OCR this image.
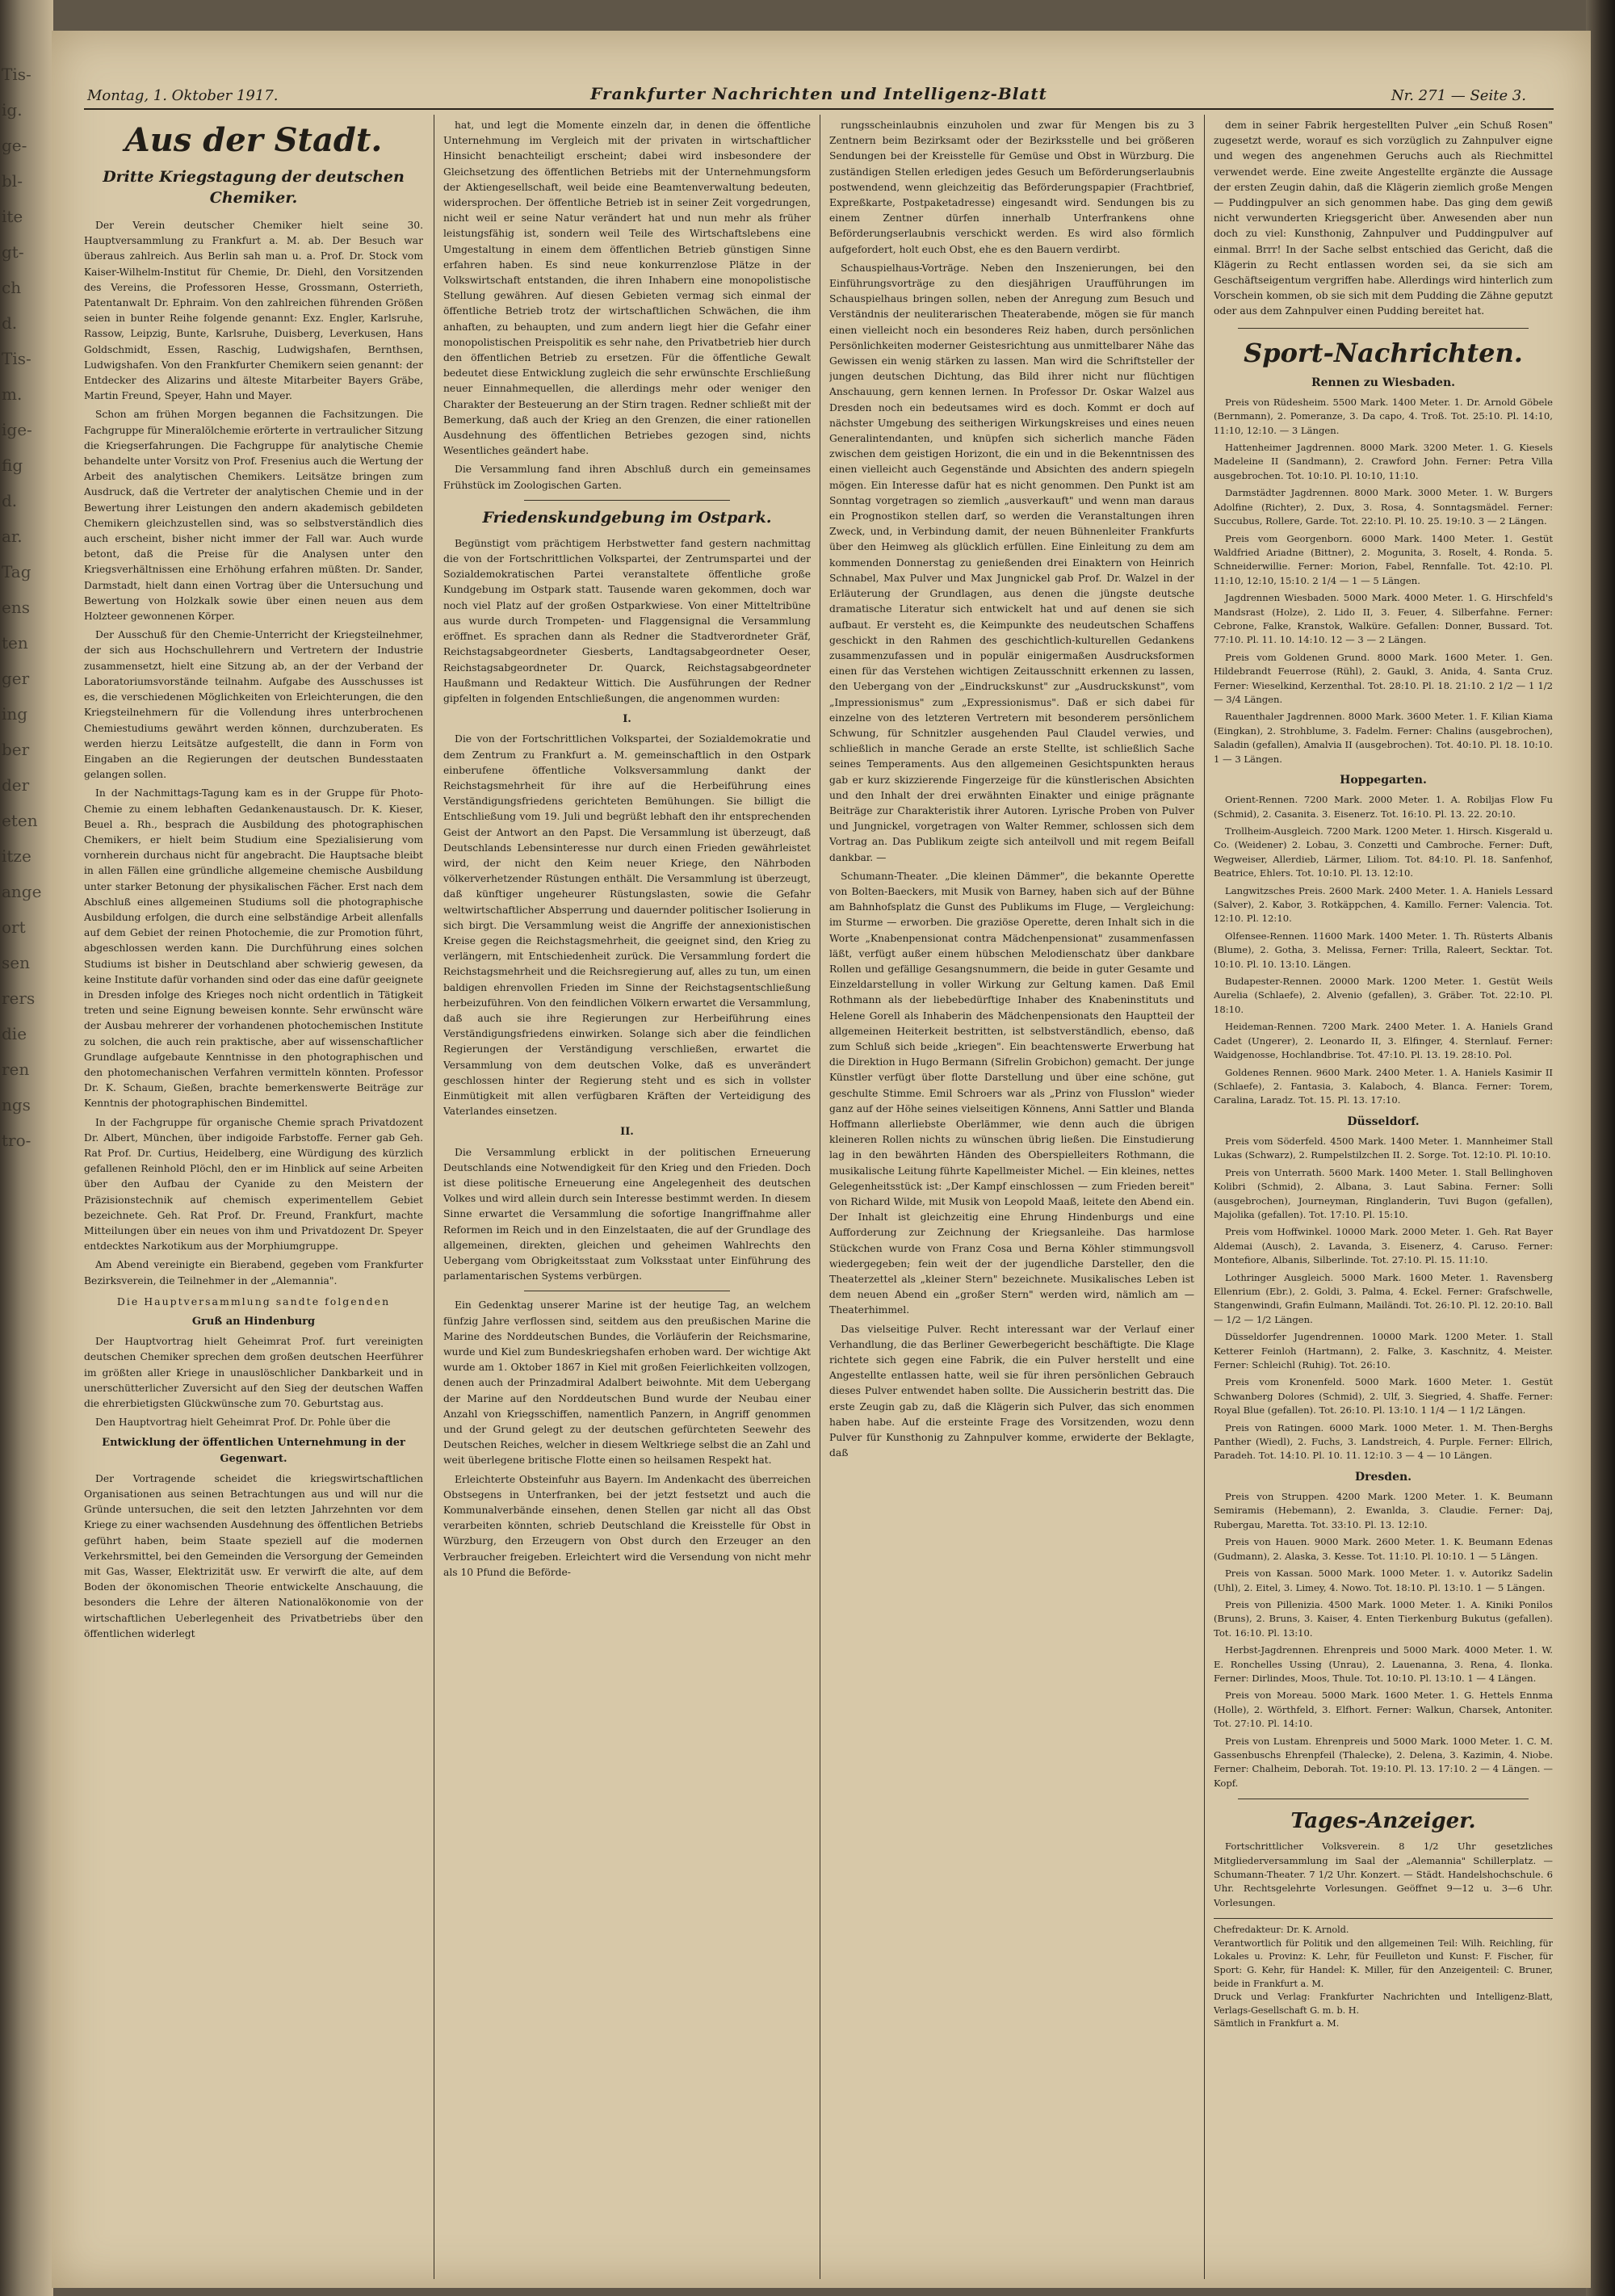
Tis-
ig.
ge-
bl-
ite
gt-
ch
d.
Tis-
m.
ige-
fig
d.
ar.
Tag
ens
ten
ger
ing
ber
der
eten
itze
ange
ort
sen
rers
die
ren
ngs
tro-
Montag, 1. Oktober 1917.	Frankfurter Nachrichten und Intelligenz-Blatt	Nr. 271 — Seite 3.
Aus der Stadt.
Dritte Kriegstagung der deutschen Chemiker.

Der Verein deutscher Chemiker hielt seine 30. Hauptversammlung zu Frankfurt a. M. ab. Der Besuch war überaus zahlreich. Aus Berlin sah man u. a. Prof. Dr. Stock vom Kaiser-Wilhelm-Institut für Chemie, Dr. Diehl, den Vorsitzenden des Vereins, die Professoren Hesse, Grossmann, Osterrieth, Patentanwalt Dr. Ephraim. Von den zahlreichen führenden Größen seien in bunter Reihe folgende genannt: Exz. Engler, Karlsruhe, Rassow, Leipzig, Bunte, Karlsruhe, Duisberg, Leverkusen, Hans Goldschmidt, Essen, Raschig, Ludwigshafen, Bernthsen, Ludwigshafen. Von den Frankfurter Chemikern seien genannt: der Entdecker des Alizarins und älteste Mitarbeiter Bayers Gräbe, Martin Freund, Speyer, Hahn und Mayer.

Schon am frühen Morgen begannen die Fachsitzungen. Die Fachgruppe für Mineralölchemie erörterte in vertraulicher Sitzung die Kriegserfahrungen. Die Fachgruppe für analytische Chemie behandelte unter Vorsitz von Prof. Fresenius auch die Wertung der Arbeit des analytischen Chemikers. Leitsätze bringen zum Ausdruck, daß die Vertreter der analytischen Chemie und in der Bewertung ihrer Leistungen den andern akademisch gebildeten Chemikern gleichzustellen sind, was so selbstverständlich dies auch erscheint, bisher nicht immer der Fall war. Auch wurde betont, daß die Preise für die Analysen unter den Kriegsverhältnissen eine Erhöhung erfahren müßten. Dr. Sander, Darmstadt, hielt dann einen Vortrag über die Untersuchung und Bewertung von Holzkalk sowie über einen neuen aus dem Holzteer gewonnenen Körper.

Der Ausschuß für den Chemie-Unterricht der Kriegsteilnehmer, der sich aus Hochschullehrern und Vertretern der Industrie zusammensetzt, hielt eine Sitzung ab, an der der Verband der Laboratoriumsvorstände teilnahm. Aufgabe des Ausschusses ist es, die verschiedenen Möglichkeiten von Erleichterungen, die den Kriegsteilnehmern für die Vollendung ihres unterbrochenen Chemiestudiums gewährt werden können, durchzuberaten. Es werden hierzu Leitsätze aufgestellt, die dann in Form von Eingaben an die Regierungen der deutschen Bundesstaaten gelangen sollen.

In der Nachmittags-Tagung kam es in der Gruppe für Photo-Chemie zu einem lebhaften Gedankenaustausch. Dr. K. Kieser, Beuel a. Rh., besprach die Ausbildung des photographischen Chemikers, er hielt beim Studium eine Spezialisierung vom vornherein durchaus nicht für angebracht. Die Hauptsache bleibt in allen Fällen eine gründliche allgemeine chemische Ausbildung unter starker Betonung der physikalischen Fächer. Erst nach dem Abschluß eines allgemeinen Studiums soll die photographische Ausbildung erfolgen, die durch eine selbständige Arbeit allenfalls auf dem Gebiet der reinen Photochemie, die zur Promotion führt, abgeschlossen werden kann. Die Durchführung eines solchen Studiums ist bisher in Deutschland aber schwierig gewesen, da keine Institute dafür vorhanden sind oder das eine dafür geeignete in Dresden infolge des Krieges noch nicht ordentlich in Tätigkeit treten und seine Eignung beweisen konnte. Sehr erwünscht wäre der Ausbau mehrerer der vorhandenen photochemischen Institute zu solchen, die auch rein praktische, aber auf wissenschaftlicher Grundlage aufgebaute Kenntnisse in den photographischen und den photomechanischen Verfahren vermitteln könnten. Professor Dr. K. Schaum, Gießen, brachte bemerkenswerte Beiträge zur Kenntnis der photographischen Bindemittel.

In der Fachgruppe für organische Chemie sprach Privatdozent Dr. Albert, München, über indigoide Farbstoffe. Ferner gab Geh. Rat Prof. Dr. Curtius, Heidelberg, eine Würdigung des kürzlich gefallenen Reinhold Plöchl, den er im Hinblick auf seine Arbeiten über den Aufbau der Cyanide zu den Meistern der Präzisionstechnik auf chemisch experimentellem Gebiet bezeichnete. Geh. Rat Prof. Dr. Freund, Frankfurt, machte Mitteilungen über ein neues von ihm und Privatdozent Dr. Speyer entdecktes Narkotikum aus der Morphiumgruppe.

Am Abend vereinigte ein Bierabend, gegeben vom Frankfurter Bezirksverein, die Teilnehmer in der „Alemannia".

Die Hauptversammlung sandte folgenden
Gruß an Hindenburg

Der Hauptvortrag hielt Geheimrat Prof. furt vereinigten deutschen Chemiker sprechen dem großen deutschen Heerführer im größten aller Kriege in unauslöschlicher Dankbarkeit und in unerschütterlicher Zuversicht auf den Sieg der deutschen Waffen die ehrerbietigsten Glückwünsche zum 70. Geburtstag aus.

Den Hauptvortrag hielt Geheimrat Prof. Dr. Pohle über die

Entwicklung der öffentlichen Unternehmung in der Gegenwart.

Der Vortragende scheidet die kriegswirtschaftlichen Organisationen aus seinen Betrachtungen aus und will nur die Gründe untersuchen, die seit den letzten Jahrzehnten vor dem Kriege zu einer wachsenden Ausdehnung des öffentlichen Betriebs geführt haben, beim Staate speziell auf die modernen Verkehrsmittel, bei den Gemeinden die Versorgung der Gemeinden mit Gas, Wasser, Elektrizität usw. Er verwirft die alte, auf dem Boden der ökonomischen Theorie entwickelte Anschauung, die besonders die Lehre der älteren Nationalökonomie von der wirtschaftlichen Ueberlegenheit des Privatbetriebs über den öffentlichen widerlegt

hat, und legt die Momente einzeln dar, in denen die öffentliche Unternehmung im Vergleich mit der privaten in wirtschaftlicher Hinsicht benachteiligt erscheint; dabei wird insbesondere der Gleichsetzung des öffentlichen Betriebs mit der Unternehmungsform der Aktiengesellschaft, weil beide eine Beamtenverwaltung bedeuten, widersprochen. Der öffentliche Betrieb ist in seiner Zeit vorgedrungen, nicht weil er seine Natur verändert hat und nun mehr als früher leistungsfähig ist, sondern weil Teile des Wirtschaftslebens eine Umgestaltung in einem dem öffentlichen Betrieb günstigen Sinne erfahren haben. Es sind neue konkurrenzlose Plätze in der Volkswirtschaft entstanden, die ihren Inhabern eine monopolistische Stellung gewähren. Auf diesen Gebieten vermag sich einmal der öffentliche Betrieb trotz der wirtschaftlichen Schwächen, die ihm anhaften, zu behaupten, und zum andern liegt hier die Gefahr einer monopolistischen Preispolitik es sehr nahe, den Privatbetrieb hier durch den öffentlichen Betrieb zu ersetzen. Für die öffentliche Gewalt bedeutet diese Entwicklung zugleich die sehr erwünschte Erschließung neuer Einnahmequellen, die allerdings mehr oder weniger den Charakter der Besteuerung an der Stirn tragen. Redner schließt mit der Bemerkung, daß auch der Krieg an den Grenzen, die einer rationellen Ausdehnung des öffentlichen Betriebes gezogen sind, nichts Wesentliches geändert habe.

Die Versammlung fand ihren Abschluß durch ein gemeinsames Frühstück im Zoologischen Garten.

Friedenskundgebung im Ostpark.

Begünstigt vom prächtigem Herbstwetter fand gestern nachmittag die von der Fortschrittlichen Volkspartei, der Zentrumspartei und der Sozialdemokratischen Partei veranstaltete öffentliche große Kundgebung im Ostpark statt. Tausende waren gekommen, doch war noch viel Platz auf der großen Ostparkwiese. Von einer Mitteltribüne aus wurde durch Trompeten- und Flaggensignal die Versammlung eröffnet. Es sprachen dann als Redner die Stadtverordneter Gräf, Reichstagsabgeordneter Giesberts, Landtagsabgeordneter Oeser, Reichstagsabgeordneter Dr. Quarck, Reichstagsabgeordneter Haußmann und Redakteur Wittich. Die Ausführungen der Redner gipfelten in folgenden Entschließungen, die angenommen wurden:

I.

Die von der Fortschrittlichen Volkspartei, der Sozialdemokratie und dem Zentrum zu Frankfurt a. M. gemeinschaftlich in den Ostpark einberufene öffentliche Volksversammlung dankt der Reichstagsmehrheit für ihre auf die Herbeiführung eines Verständigungsfriedens gerichteten Bemühungen. Sie billigt die Entschließung vom 19. Juli und begrüßt lebhaft den ihr entsprechenden Geist der Antwort an den Papst. Die Versammlung ist überzeugt, daß Deutschlands Lebensinteresse nur durch einen Frieden gewährleistet wird, der nicht den Keim neuer Kriege, den Nährboden völkerverhetzender Rüstungen enthält. Die Versammlung ist überzeugt, daß künftiger ungeheurer Rüstungslasten, sowie die Gefahr weltwirtschaftlicher Absperrung und dauernder politischer Isolierung in sich birgt. Die Versammlung weist die Angriffe der annexionistischen Kreise gegen die Reichstagsmehrheit, die geeignet sind, den Krieg zu verlängern, mit Entschiedenheit zurück. Die Versammlung fordert die Reichstagsmehrheit und die Reichsregierung auf, alles zu tun, um einen baldigen ehrenvollen Frieden im Sinne der Reichstagsentschließung herbeizuführen. Von den feindlichen Völkern erwartet die Versammlung, daß auch sie ihre Regierungen zur Herbeiführung eines Verständigungsfriedens einwirken. Solange sich aber die feindlichen Regierungen der Verständigung verschließen, erwartet die Versammlung von dem deutschen Volke, daß es unverändert geschlossen hinter der Regierung steht und es sich in vollster Einmütigkeit mit allen verfügbaren Kräften der Verteidigung des Vaterlandes einsetzen.

II.

Die Versammlung erblickt in der politischen Erneuerung Deutschlands eine Notwendigkeit für den Krieg und den Frieden. Doch ist diese politische Erneuerung eine Angelegenheit des deutschen Volkes und wird allein durch sein Interesse bestimmt werden. In diesem Sinne erwartet die Versammlung die sofortige Inangriffnahme aller Reformen im Reich und in den Einzelstaaten, die auf der Grundlage des allgemeinen, direkten, gleichen und geheimen Wahlrechts den Uebergang vom Obrigkeitsstaat zum Volksstaat unter Einführung des parlamentarischen Systems verbürgen.

Ein Gedenktag unserer Marine ist der heutige Tag, an welchem fünfzig Jahre verflossen sind, seitdem aus den preußischen Marine die Marine des Norddeutschen Bundes, die Vorläuferin der Reichsmarine, wurde und Kiel zum Bundeskriegshafen erhoben ward. Der wichtige Akt wurde am 1. Oktober 1867 in Kiel mit großen Feierlichkeiten vollzogen, denen auch der Prinzadmiral Adalbert beiwohnte. Mit dem Uebergang der Marine auf den Norddeutschen Bund wurde der Neubau einer Anzahl von Kriegsschiffen, namentlich Panzern, in Angriff genommen und der Grund gelegt zu der deutschen gefürchteten Seewehr des Deutschen Reiches, welcher in diesem Weltkriege selbst die an Zahl und weit überlegene britische Flotte einen so heilsamen Respekt hat.

Erleichterte Obsteinfuhr aus Bayern. Im Andenkacht des überreichen Obstsegens in Unterfranken, bei der jetzt festsetzt und auch die Kommunalverbände einsehen, denen Stellen gar nicht all das Obst verarbeiten könnten, schrieb Deutschland die Kreisstelle für Obst in Würzburg, den Erzeugern von Obst durch den Erzeuger an den Verbraucher freigeben. Erleichtert wird die Versendung von nicht mehr als 10 Pfund die Beförde-

rungsscheinlaubnis einzuholen und zwar für Mengen bis zu 3 Zentnern beim Bezirksamt oder der Bezirksstelle und bei größeren Sendungen bei der Kreisstelle für Gemüse und Obst in Würzburg. Die zuständigen Stellen erledigen jedes Gesuch um Beförderungserlaubnis postwendend, wenn gleichzeitig das Beförderungspapier (Frachtbrief, Expreßkarte, Postpaketadresse) eingesandt wird. Sendungen bis zu einem Zentner dürfen innerhalb Unterfrankens ohne Beförderungserlaubnis verschickt werden. Es wird also förmlich aufgefordert, holt euch Obst, ehe es den Bauern verdirbt.

Schauspielhaus-Vorträge. Neben den Inszenierungen, bei den Einführungsvorträge zu den diesjährigen Uraufführungen im Schauspielhaus bringen sollen, neben der Anregung zum Besuch und Verständnis der neuliterarischen Theaterabende, mögen sie für manch einen vielleicht noch ein besonderes Reiz haben, durch persönlichen Persönlichkeiten moderner Geistesrichtung aus unmittelbarer Nähe das Gewissen ein wenig stärken zu lassen. Man wird die Schriftsteller der jungen deutschen Dichtung, das Bild ihrer nicht nur flüchtigen Anschauung, gern kennen lernen. In Professor Dr. Oskar Walzel aus Dresden noch ein bedeutsames wird es doch. Kommt er doch auf nächster Umgebung des seitherigen Wirkungskreises und eines neuen Generalintendanten, und knüpfen sich sicherlich manche Fäden zwischen dem geistigen Horizont, die ein und in die Bekenntnissen des einen vielleicht auch Gegenstände und Absichten des andern spiegeln mögen. Ein Interesse dafür hat es nicht genommen. Den Punkt ist am Sonntag vorgetragen so ziemlich „ausverkauft" und wenn man daraus ein Prognostikon stellen darf, so werden die Veranstaltungen ihren Zweck, und, in Verbindung damit, der neuen Bühnenleiter Frankfurts über den Heimweg als glücklich erfüllen. Eine Einleitung zu dem am kommenden Donnerstag zu genießenden drei Einaktern von Heinrich Schnabel, Max Pulver und Max Jungnickel gab Prof. Dr. Walzel in der Erläuterung der Grundlagen, aus denen die jüngste deutsche dramatische Literatur sich entwickelt hat und auf denen sie sich aufbaut. Er versteht es, die Keimpunkte des neudeutschen Schaffens geschickt in den Rahmen des geschichtlich-kulturellen Gedankens zusammenzufassen und in populär einigermaßen Ausdrucksformen einen für das Verstehen wichtigen Zeitausschnitt erkennen zu lassen, den Uebergang von der „Eindruckskunst" zur „Ausdruckskunst", vom „Impressionismus" zum „Expressionismus". Daß er sich dabei für einzelne von des letzteren Vertretern mit besonderem persönlichem Schwung, für Schnitzler ausgehenden Paul Claudel verwies, und schließlich in manche Gerade an erste Stellte, ist schließlich Sache seines Temperaments. Aus den allgemeinen Gesichtspunkten heraus gab er kurz skizzierende Fingerzeige für die künstlerischen Absichten und den Inhalt der drei erwähnten Einakter und einige prägnante Beiträge zur Charakteristik ihrer Autoren. Lyrische Proben von Pulver und Jungnickel, vorgetragen von Walter Remmer, schlossen sich dem Vortrag an. Das Publikum zeigte sich anteilvoll und mit regem Beifall dankbar. —

Schumann-Theater. „Die kleinen Dämmer", die bekannte Operette von Bolten-Baeckers, mit Musik von Barney, haben sich auf der Bühne am Bahnhofsplatz die Gunst des Publikums im Fluge, — Vergleichung: im Sturme — erworben. Die graziöse Operette, deren Inhalt sich in die Worte „Knabenpensionat contra Mädchenpensionat" zusammenfassen läßt, verfügt außer einem hübschen Melodienschatz über dankbare Rollen und gefällige Gesangsnummern, die beide in guter Gesamte und Einzeldarstellung in voller Wirkung zur Geltung kamen. Daß Emil Rothmann als der liebebedürftige Inhaber des Knabeninstituts und Helene Gorell als Inhaberin des Mädchenpensionats den Hauptteil der allgemeinen Heiterkeit bestritten, ist selbstverständlich, ebenso, daß zum Schluß sich beide „kriegen". Ein beachtenswerte Erwerbung hat die Direktion in Hugo Bermann (Sifrelin Grobichon) gemacht. Der junge Künstler verfügt über flotte Darstellung und über eine schöne, gut geschulte Stimme. Emil Schroers war als „Prinz von Flusslon" wieder ganz auf der Höhe seines vielseitigen Könnens, Anni Sattler und Blanda Hoffmann allerliebste Oberlämmer, wie denn auch die übrigen kleineren Rollen nichts zu wünschen übrig ließen. Die Einstudierung lag in den bewährten Händen des Oberspielleiters Rothmann, die musikalische Leitung führte Kapellmeister Michel. — Ein kleines, nettes Gelegenheitsstück ist: „Der Kampf einschlossen — zum Frieden bereit" von Richard Wilde, mit Musik von Leopold Maaß, leitete den Abend ein. Der Inhalt ist gleichzeitig eine Ehrung Hindenburgs und eine Aufforderung zur Zeichnung der Kriegsanleihe. Das harmlose Stückchen wurde von Franz Cosa und Berna Köhler stimmungsvoll wiedergegeben; fein weit der der jugendliche Darsteller, den die Theaterzettel als „kleiner Stern" bezeichnete. Musikalisches Leben ist dem neuen Abend ein „großer Stern" werden wird, nämlich am — Theaterhimmel.

Das vielseitige Pulver. Recht interessant war der Verlauf einer Verhandlung, die das Berliner Gewerbegericht beschäftigte. Die Klage richtete sich gegen eine Fabrik, die ein Pulver herstellt und eine Angestellte entlassen hatte, weil sie für ihren persönlichen Gebrauch dieses Pulver entwendet haben sollte. Die Aussicherin bestritt das. Die erste Zeugin gab zu, daß die Klägerin sich Pulver, das sich enommen haben habe. Auf die ersteinte Frage des Vorsitzenden, wozu denn Pulver für Kunsthonig zu Zahnpulver komme, erwiderte der Beklagte, daß

dem in seiner Fabrik hergestellten Pulver „ein Schuß Rosen" zugesetzt werde, worauf es sich vorzüglich zu Zahnpulver eigne und wegen des angenehmen Geruchs auch als Riechmittel verwendet werde. Eine zweite Angestellte ergänzte die Aussage der ersten Zeugin dahin, daß die Klägerin ziemlich große Mengen — Puddingpulver an sich genommen habe. Das ging dem gewiß nicht verwunderten Kriegsgericht über. Anwesenden aber nun doch zu viel: Kunsthonig, Zahnpulver und Puddingpulver auf einmal. Brrr! In der Sache selbst entschied das Gericht, daß die Klägerin zu Recht entlassen worden sei, da sie sich am Geschäftseigentum vergriffen habe. Allerdings wird hinterlich zum Vorschein kommen, ob sie sich mit dem Pudding die Zähne geputzt oder aus dem Zahnpulver einen Pudding bereitet hat.

Sport-Nachrichten.
Rennen zu Wiesbaden.

Preis von Rüdesheim. 5500 Mark. 1400 Meter. 1. Dr. Arnold Göbele (Bernmann), 2. Pomeranze, 3. Da capo, 4. Troß. Tot. 25:10. Pl. 14:10, 11:10, 12:10. — 3 Längen.

Hattenheimer Jagdrennen. 8000 Mark. 3200 Meter. 1. G. Kiesels Madeleine II (Sandmann), 2. Crawford John. Ferner: Petra Villa ausgebrochen. Tot. 10:10. Pl. 10:10, 11:10.

Darmstädter Jagdrennen. 8000 Mark. 3000 Meter. 1. W. Burgers Adolfine (Richter), 2. Dux, 3. Rosa, 4. Sonntagsmädel. Ferner: Succubus, Rollere, Garde. Tot. 22:10. Pl. 10. 25. 19:10. 3 — 2 Längen.

Preis vom Georgenborn. 6000 Mark. 1400 Meter. 1. Gestüt Waldfried Ariadne (Bittner), 2. Mogunita, 3. Roselt, 4. Ronda. 5. Schneiderwillie. Ferner: Morion, Fabel, Rennfalle. Tot. 42:10. Pl. 11:10, 12:10, 15:10. 2 1/4 — 1 — 5 Längen.

Jagdrennen Wiesbaden. 5000 Mark. 4000 Meter. 1. G. Hirschfeld's Mandsrast (Holze), 2. Lido II, 3. Feuer, 4. Silberfahne. Ferner: Cebrone, Falke, Kranstok, Walküre. Gefallen: Donner, Bussard. Tot. 77:10. Pl. 11. 10. 14:10. 12 — 3 — 2 Längen.

Preis vom Goldenen Grund. 8000 Mark. 1600 Meter. 1. Gen. Hildebrandt Feuerrose (Rühl), 2. Gaukl, 3. Anida, 4. Santa Cruz. Ferner: Wieselkind, Kerzenthal. Tot. 28:10. Pl. 18. 21:10. 2 1/2 — 1 1/2 — 3/4 Längen.

Rauenthaler Jagdrennen. 8000 Mark. 3600 Meter. 1. F. Kilian Kiama (Eingkan), 2. Strohblume, 3. Fadelm. Ferner: Chalins (ausgebrochen), Saladin (gefallen), Amalvia II (ausgebrochen). Tot. 40:10. Pl. 18. 10:10. 1 — 3 Längen.

Hoppegarten.

Orient-Rennen. 7200 Mark. 2000 Meter. 1. A. Robiljas Flow Fu (Schmid), 2. Casanita. 3. Eisenerz. Tot. 16:10. Pl. 13. 22. 20:10.

Trollheim-Ausgleich. 7200 Mark. 1200 Meter. 1. Hirsch. Kisgerald u. Co. (Weidener) 2. Lobau, 3. Conzetti und Cambroche. Ferner: Duft, Wegweiser, Allerdieb, Lärmer, Liliom. Tot. 84:10. Pl. 18. Sanfenhof, Beatrice, Ehlers. Tot. 10:10. Pl. 13. 12:10.

Langwitzsches Preis. 2600 Mark. 2400 Meter. 1. A. Haniels Lessard (Salver), 2. Kabor, 3. Rotkäppchen, 4. Kamillo. Ferner: Valencia. Tot. 12:10. Pl. 12:10.

Olfensee-Rennen. 11600 Mark. 1400 Meter. 1. Th. Rüsterts Albanis (Blume), 2. Gotha, 3. Melissa, Ferner: Trilla, Raleert, Secktar. Tot. 10:10. Pl. 10. 13:10. Längen.

Budapester-Rennen. 20000 Mark. 1200 Meter. 1. Gestüt Weils Aurelia (Schlaefe), 2. Alvenio (gefallen), 3. Gräber. Tot. 22:10. Pl. 18:10.

Heideman-Rennen. 7200 Mark. 2400 Meter. 1. A. Haniels Grand Cadet (Ungerer), 2. Leonardo II, 3. Elfinger, 4. Sternlauf. Ferner: Waidgenosse, Hochlandbrise. Tot. 47:10. Pl. 13. 19. 28:10. Pol.

Goldenes Rennen. 9600 Mark. 2400 Meter. 1. A. Haniels Kasimir II (Schlaefe), 2. Fantasia, 3. Kalaboch, 4. Blanca. Ferner: Torem, Caralina, Laradz. Tot. 15. Pl. 13. 17:10.

Düsseldorf.

Preis vom Söderfeld. 4500 Mark. 1400 Meter. 1. Mannheimer Stall Lukas (Schwarz), 2. Rumpelstilzchen II. 2. Sorge. Tot. 12:10. Pl. 10:10.

Preis von Unterrath. 5600 Mark. 1400 Meter. 1. Stall Bellinghoven Kolibri (Schmid), 2. Albana, 3. Laut Sabina. Ferner: Solli (ausgebrochen), Journeyman, Ringlanderin, Tuvi Bugon (gefallen), Majolika (gefallen). Tot. 17:10. Pl. 15:10.

Preis vom Hoffwinkel. 10000 Mark. 2000 Meter. 1. Geh. Rat Bayer Aldemai (Ausch), 2. Lavanda, 3. Eisenerz, 4. Caruso. Ferner: Montefiore, Albanis, Silberlinde. Tot. 27:10. Pl. 15. 11:10.

Lothringer Ausgleich. 5000 Mark. 1600 Meter. 1. Ravensberg Ellenrium (Ebr.), 2. Goldi, 3. Palma, 4. Eckel. Ferner: Grafschwelle, Stangenwindi, Grafin Eulmann, Mailändi. Tot. 26:10. Pl. 12. 20:10. Ball — 1/2 — 1/2 Längen.

Düsseldorfer Jugendrennen. 10000 Mark. 1200 Meter. 1. Stall Ketterer Feinloh (Hartmann), 2. Falke, 3. Kaschnitz, 4. Meister. Ferner: Schleichl (Ruhig). Tot. 26:10.

Preis vom Kronenfeld. 5000 Mark. 1600 Meter. 1. Gestüt Schwanberg Dolores (Schmid), 2. Ulf, 3. Siegried, 4. Shaffe. Ferner: Royal Blue (gefallen). Tot. 26:10. Pl. 13:10. 1 1/4 — 1 1/2 Längen.

Preis von Ratingen. 6000 Mark. 1000 Meter. 1. M. Then-Berghs Panther (Wiedl), 2. Fuchs, 3. Landstreich, 4. Purple. Ferner: Ellrich, Paradeh. Tot. 14:10. Pl. 10. 11. 12:10. 3 — 4 — 10 Längen.

Dresden.

Preis von Struppen. 4200 Mark. 1200 Meter. 1. K. Beumann Semiramis (Hebemann), 2. Ewanlda, 3. Claudie. Ferner: Daj, Rubergau, Maretta. Tot. 33:10. Pl. 13. 12:10.

Preis von Hauen. 9000 Mark. 2600 Meter. 1. K. Beumann Edenas (Gudmann), 2. Alaska, 3. Kesse. Tot. 11:10. Pl. 10:10. 1 — 5 Längen.

Preis von Kassan. 5000 Mark. 1000 Meter. 1. v. Autorikz Sadelin (Uhl), 2. Eitel, 3. Limey, 4. Nowo. Tot. 18:10. Pl. 13:10. 1 — 5 Längen.

Preis von Pillenizia. 4500 Mark. 1000 Meter. 1. A. Kiniki Ponilos (Bruns), 2. Bruns, 3. Kaiser, 4. Enten Tierkenburg Bukutus (gefallen). Tot. 16:10. Pl. 13:10.

Herbst-Jagdrennen. Ehrenpreis und 5000 Mark. 4000 Meter. 1. W. E. Ronchelles Ussing (Unrau), 2. Lauenanna, 3. Rena, 4. Ilonka. Ferner: Dirlindes, Moos, Thule. Tot. 10:10. Pl. 13:10. 1 — 4 Längen.

Preis von Moreau. 5000 Mark. 1600 Meter. 1. G. Hettels Ennma (Holle), 2. Wörthfeld, 3. Elfhort. Ferner: Walkun, Charsek, Antoniter. Tot. 27:10. Pl. 14:10.

Preis von Lustam. Ehrenpreis und 5000 Mark. 1000 Meter. 1. C. M. Gassenbuschs Ehrenpfeil (Thalecke), 2. Delena, 3. Kazimin, 4. Niobe. Ferner: Chalheim, Deborah. Tot. 19:10. Pl. 13. 17:10. 2 — 4 Längen. — Kopf.

Tages-Anzeiger.

Fortschrittlicher Volksverein. 8 1/2 Uhr gesetzliches Mitgliederversammlung im Saal der „Alemannia" Schillerplatz. — Schumann-Theater. 7 1/2 Uhr. Konzert. — Städt. Handelshochschule. 6 Uhr. Rechtsgelehrte Vorlesungen. Geöffnet 9—12 u. 3—6 Uhr. Vorlesungen.

Chefredakteur: Dr. K. Arnold.
Verantwortlich für Politik und den allgemeinen Teil: Wilh. Reichling, für Lokales u. Provinz: K. Lehr, für Feuilleton und Kunst: F. Fischer, für Sport: G. Kehr, für Handel: K. Miller, für den Anzeigenteil: C. Bruner, beide in Frankfurt a. M.
Druck und Verlag: Frankfurter Nachrichten und Intelligenz-Blatt, Verlags-Gesellschaft G. m. b. H.
Sämtlich in Frankfurt a. M.
